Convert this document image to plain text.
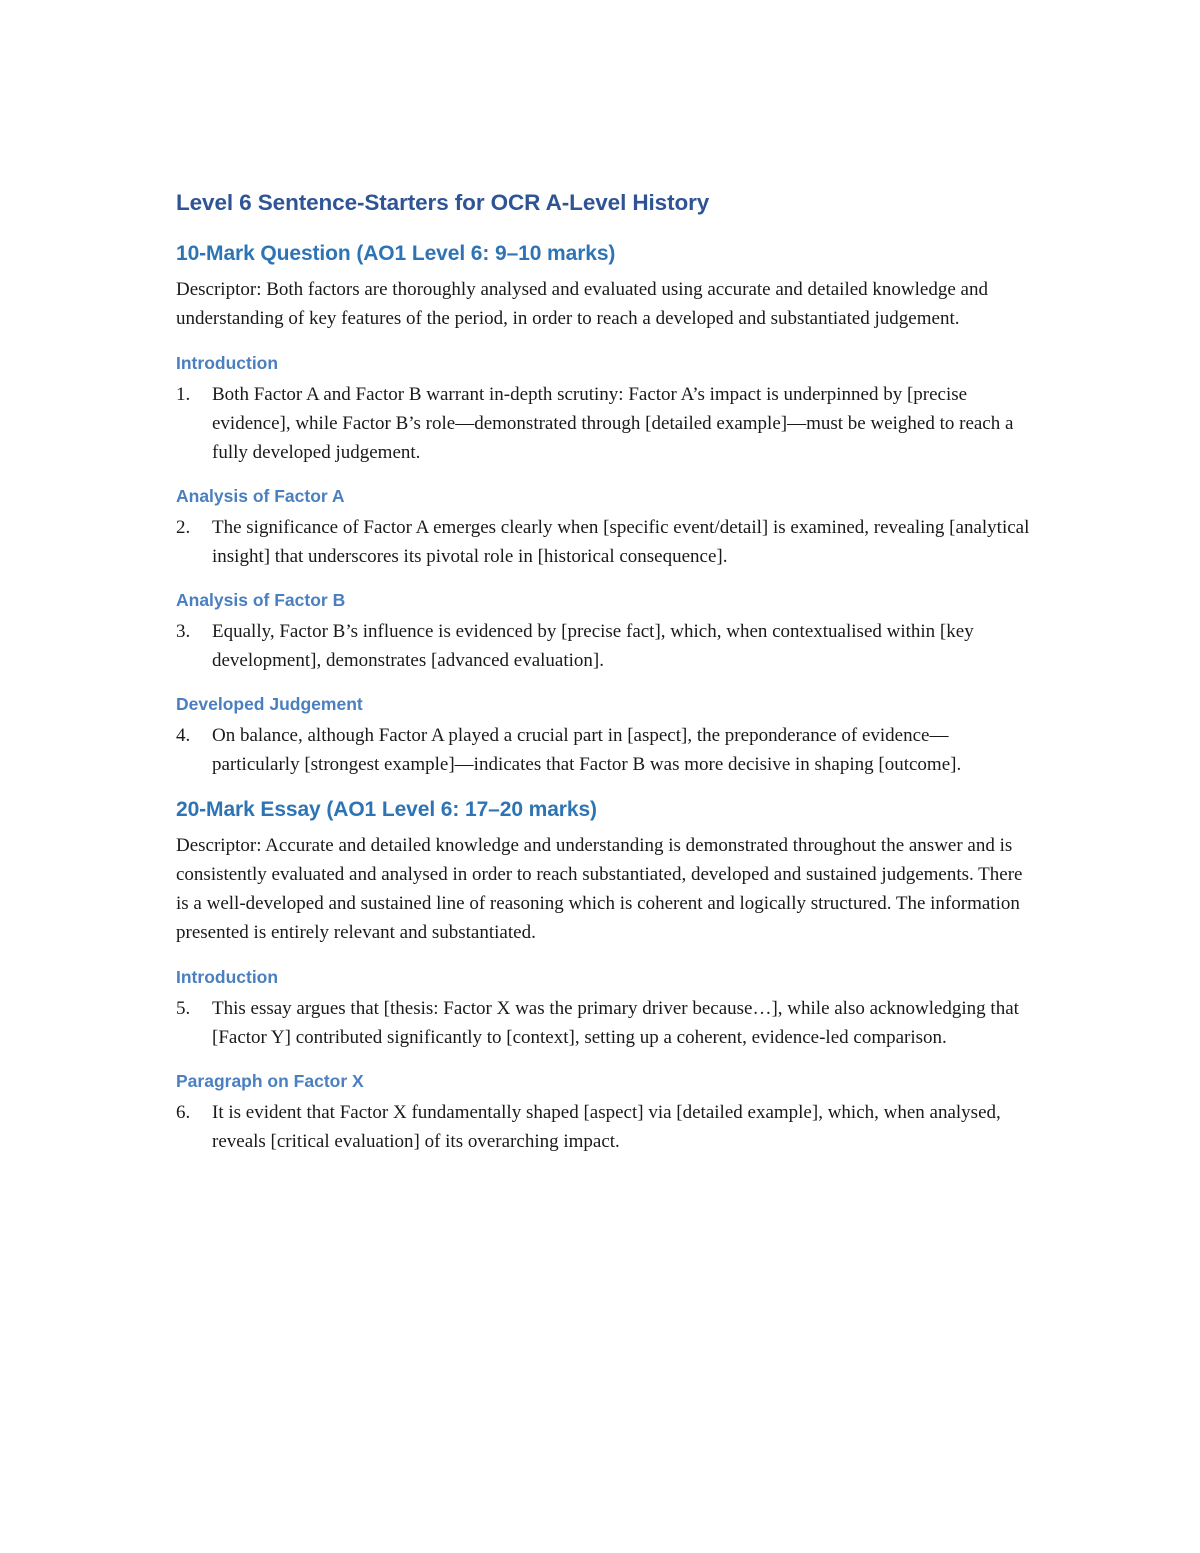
Level 6 Sentence-Starters for OCR A-Level History
10-Mark Question (AO1 Level 6: 9–10 marks)
Descriptor: Both factors are thoroughly analysed and evaluated using accurate and detailed knowledge and understanding of key features of the period, in order to reach a developed and substantiated judgement.
Introduction
1.	Both Factor A and Factor B warrant in-depth scrutiny: Factor A’s impact is underpinned by [precise evidence], while Factor B’s role—demonstrated through [detailed example]—must be weighed to reach a fully developed judgement.
Analysis of Factor A
2.	The significance of Factor A emerges clearly when [specific event/detail] is examined, revealing [analytical insight] that underscores its pivotal role in [historical consequence].
Analysis of Factor B
3.	Equally, Factor B’s influence is evidenced by [precise fact], which, when contextualised within [key development], demonstrates [advanced evaluation].
Developed Judgement
4.	On balance, although Factor A played a crucial part in [aspect], the preponderance of evidence—particularly [strongest example]—indicates that Factor B was more decisive in shaping [outcome].
20-Mark Essay (AO1 Level 6: 17–20 marks)
Descriptor: Accurate and detailed knowledge and understanding is demonstrated throughout the answer and is consistently evaluated and analysed in order to reach substantiated, developed and sustained judgements. There is a well-developed and sustained line of reasoning which is coherent and logically structured. The information presented is entirely relevant and substantiated.
Introduction
5.	This essay argues that [thesis: Factor X was the primary driver because…], while also acknowledging that [Factor Y] contributed significantly to [context], setting up a coherent, evidence-led comparison.
Paragraph on Factor X
6.	It is evident that Factor X fundamentally shaped [aspect] via [detailed example], which, when analysed, reveals [critical evaluation] of its overarching impact.
